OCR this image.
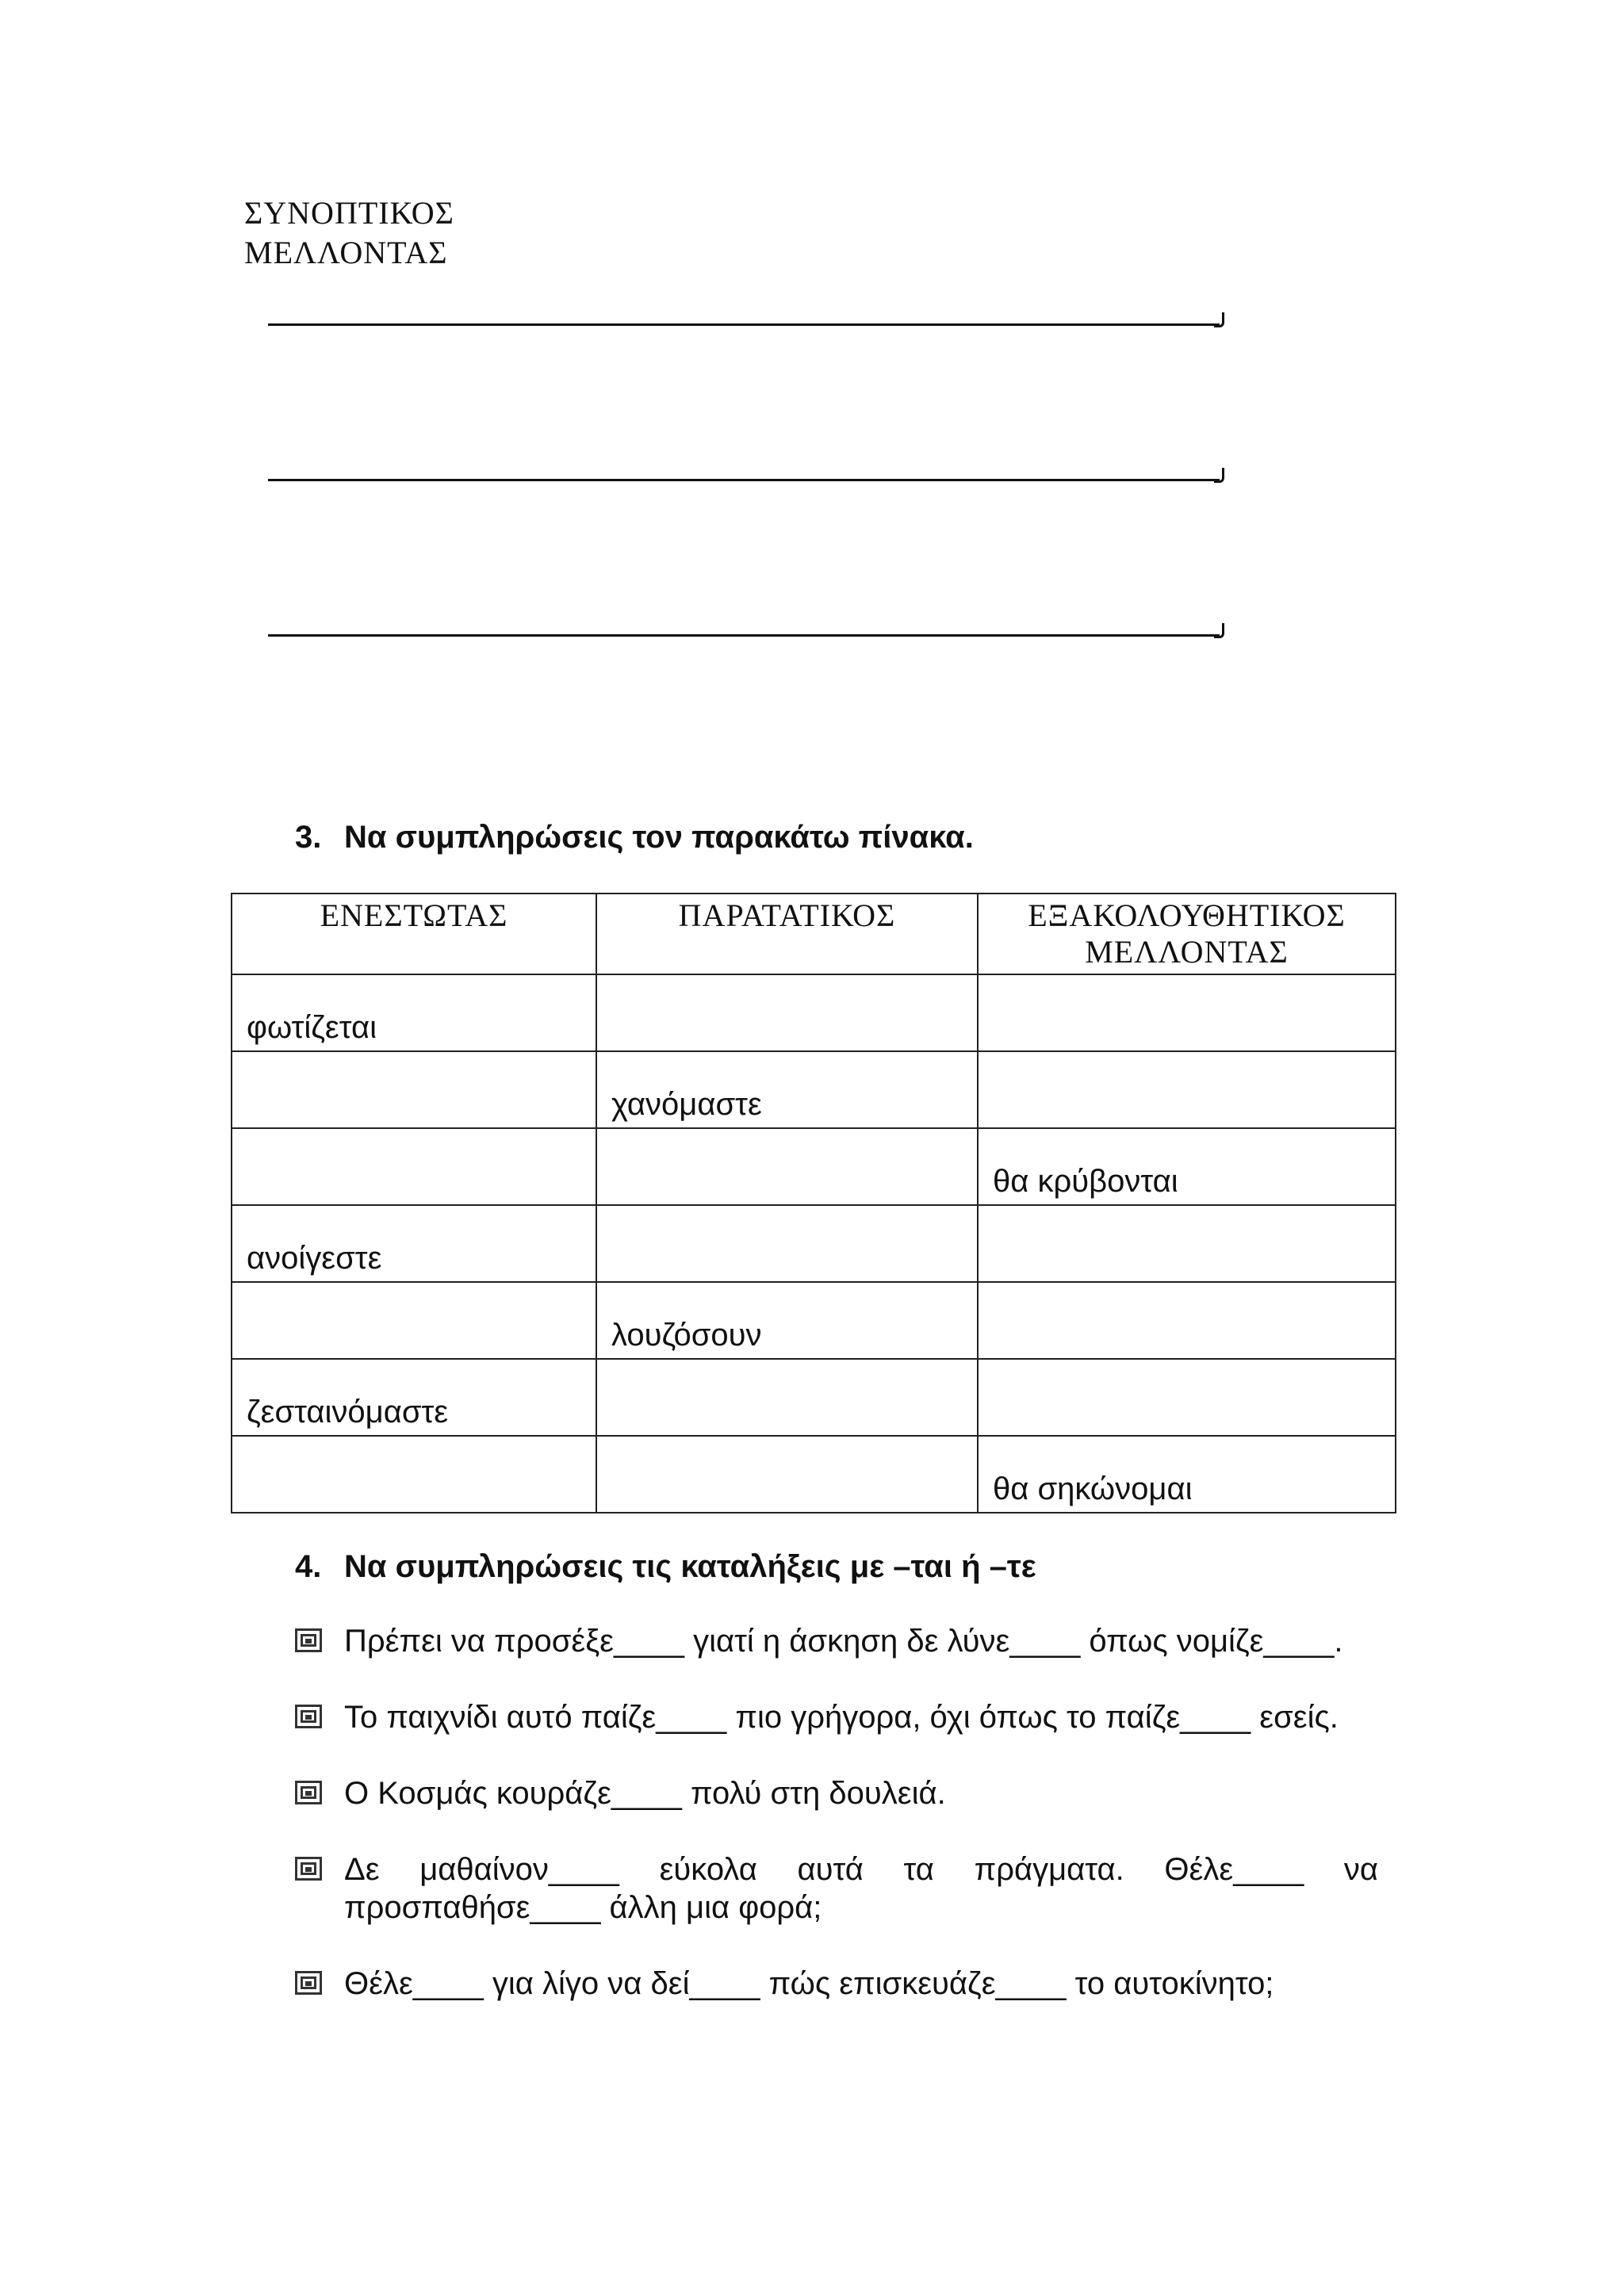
ΣΥΝΟΠΤΙΚΟΣ
ΜΕΛΛΟΝΤΑΣ
3. Να συμπληρώσεις τον παρακάτω πίνακα.
ΕΝΕΣΤΩΤΑΣ	ΠΑΡΑΤΑΤΙΚΟΣ	ΕΞΑΚΟΛΟΥΘΗΤΙΚΟΣ ΜΕΛΛΟΝΤΑΣ
φωτίζεται		
	χανόμαστε	
		θα κρύβονται
ανοίγεστε		
	λουζόσουν	
ζεσταινόμαστε		
		θα σηκώνομαι
4. Να συμπληρώσεις τις καταλήξεις με –ται ή –τε
Πρέπει να προσέξε____ γιατί η άσκηση δε λύνε____ όπως νομίζε____.
Το παιχνίδι αυτό παίζε____ πιο γρήγορα, όχι όπως το παίζε____ εσείς.
Ο Κοσμάς κουράζε____ πολύ στη δουλειά.
Δε μαθαίνον____ εύκολα αυτά τα πράγματα. Θέλε____ να
προσπαθήσε____ άλλη μια φορά;
Θέλε____ για λίγο να δεί____ πώς επισκευάζε____ το αυτοκίνητο;
